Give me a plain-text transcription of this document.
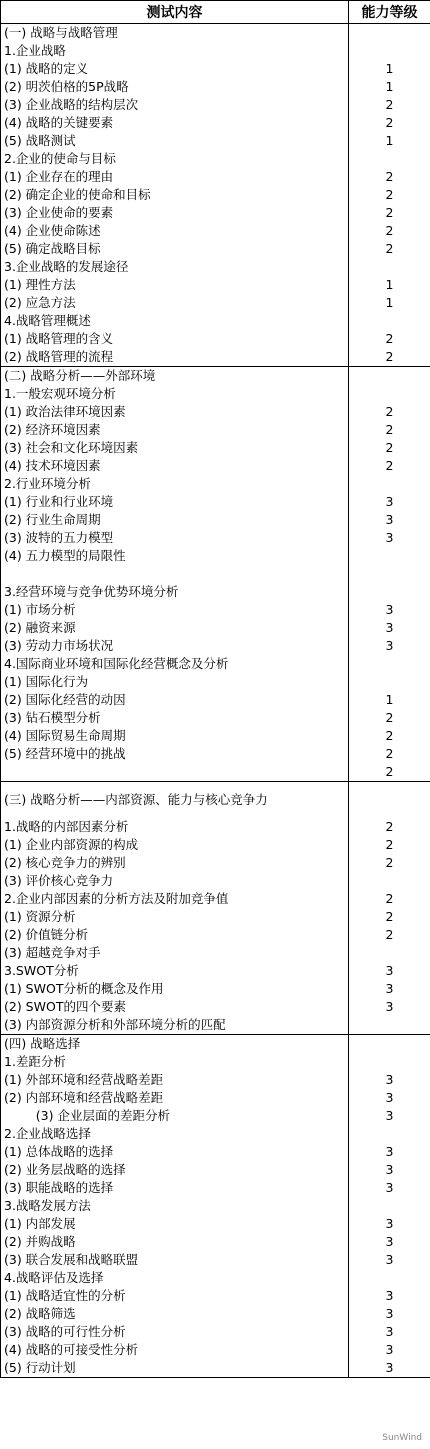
测试内容	能力等级
(一) 战略与战略管理	
1.企业战略	
(1) 战略的定义	1
(2) 明茨伯格的5P战略	1
(3) 企业战略的结构层次	2
(4) 战略的关键要素	2
(5) 战略测试	1
2.企业的使命与目标	
(1) 企业存在的理由	2
(2) 确定企业的使命和目标	2
(3) 企业使命的要素	2
(4) 企业使命陈述	2
(5) 确定战略目标	2
3.企业战略的发展途径	
(1) 理性方法	1
(2) 应急方法	1
4.战略管理概述	
(1) 战略管理的含义	2
(2) 战略管理的流程	2
(二) 战略分析——外部环境	
1.一般宏观环境分析	
(1) 政治法律环境因素	2
(2) 经济环境因素	2
(3) 社会和文化环境因素	2
(4) 技术环境因素	2
2.行业环境分析	
(1) 行业和行业环境	3
(2) 行业生命周期	3
(3) 波特的五力模型	3
(4) 五力模型的局限性	

3.经营环境与竞争优势环境分析	
(1) 市场分析	3
(2) 融资来源	3
(3) 劳动力市场状况	3
4.国际商业环境和国际化经营概念及分析	
(1) 国际化行为	
(2) 国际化经营的动因	1
(3) 钻石模型分析	2
(4) 国际贸易生命周期	2
(5) 经营环境中的挑战	2
	2
(三) 战略分析——内部资源、能力与核心竞争力	
1.战略的内部因素分析	2
(1) 企业内部资源的构成	2
(2) 核心竞争力的辨别	2
(3) 评价核心竞争力	
2.企业内部因素的分析方法及附加竞争值	2
(1) 资源分析	2
(2) 价值链分析	2
(3) 超越竞争对手	
3.SWOT分析	3
(1) SWOT分析的概念及作用	3
(2) SWOT的四个要素	3
(3) 内部资源分析和外部环境分析的匹配	
(四) 战略选择	
1.差距分析	
(1) 外部环境和经营战略差距	3
(2) 内部环境和经营战略差距	3
(3) 企业层面的差距分析	3
2.企业战略选择	
(1) 总体战略的选择	3
(2) 业务层战略的选择	3
(3) 职能战略的选择	3
3.战略发展方法	
(1) 内部发展	3
(2) 并购战略	3
(3) 联合发展和战略联盟	3
4.战略评估及选择	
(1) 战略适宜性的分析	3
(2) 战略筛选	3
(3) 战略的可行性分析	3
(4) 战略的可接受性分析	3
(5) 行动计划	3
SunWind
